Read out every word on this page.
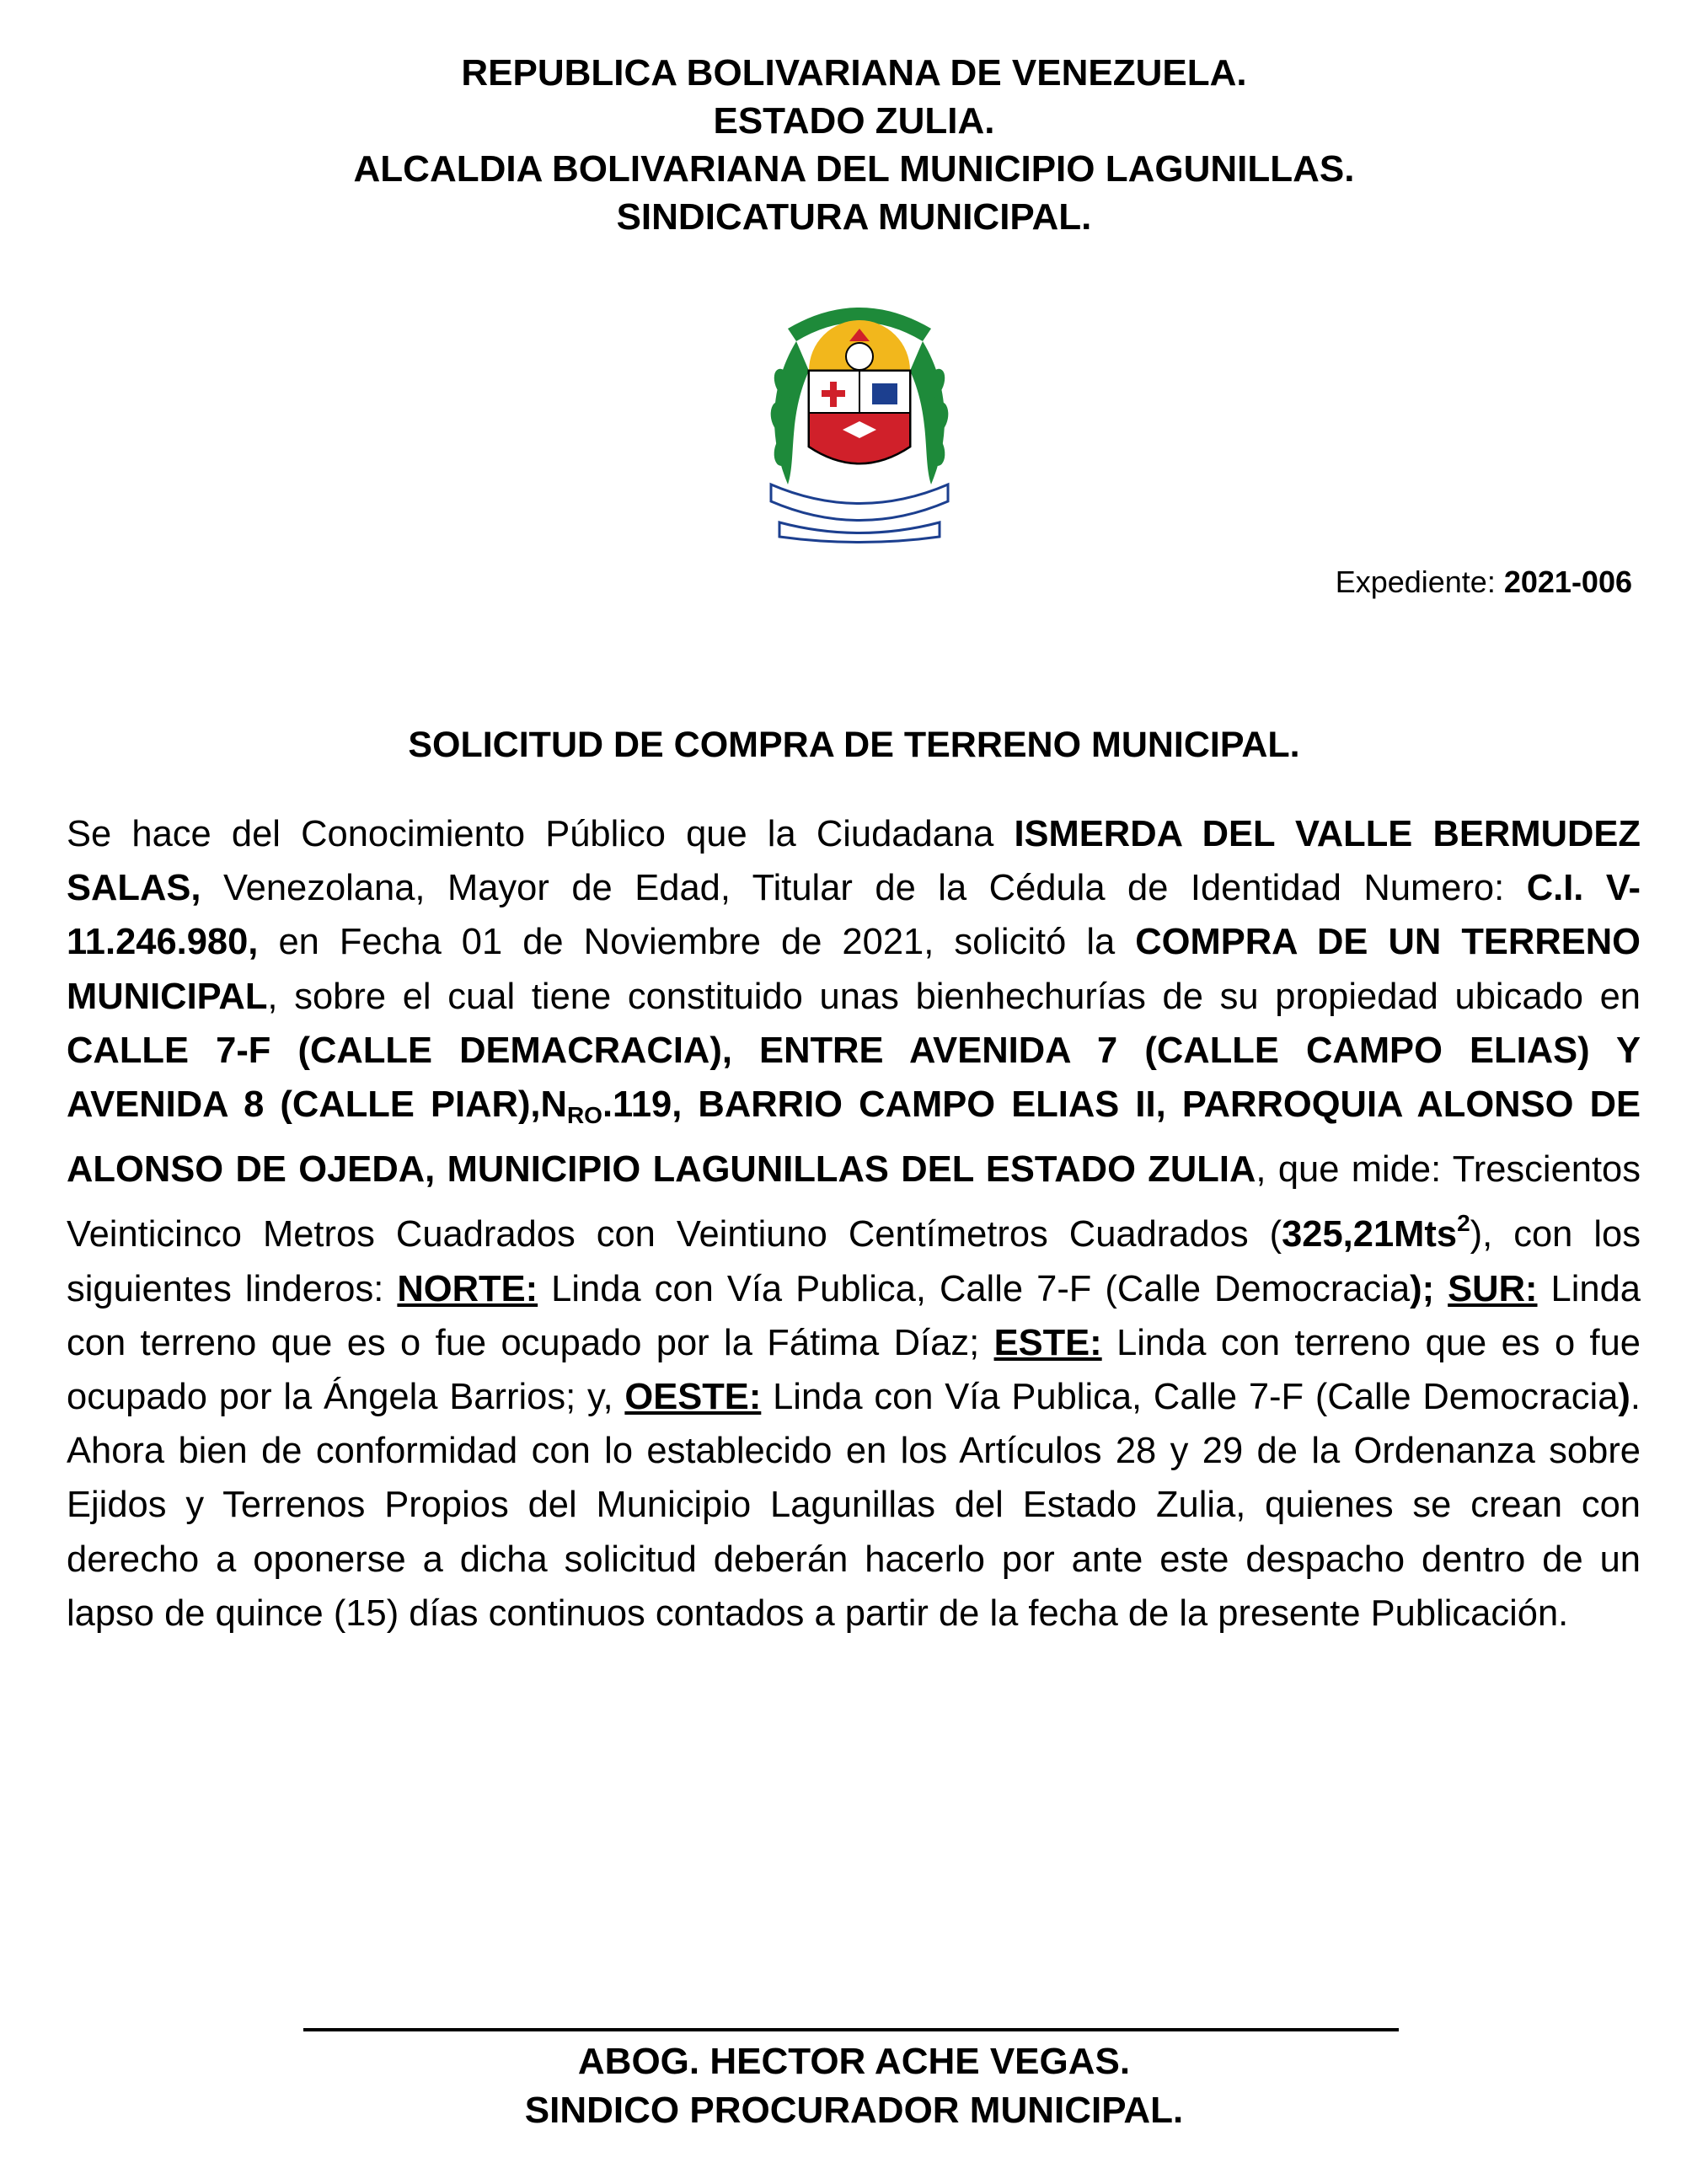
REPUBLICA BOLIVARIANA DE VENEZUELA.
ESTADO ZULIA.
ALCALDIA BOLIVARIANA DEL MUNICIPIO LAGUNILLAS.
SINDICATURA MUNICIPAL.
Expediente: 2021-006
SOLICITUD DE COMPRA DE TERRENO MUNICIPAL.
Se hace del Conocimiento Público que la Ciudadana ISMERDA DEL VALLE BERMUDEZ SALAS, Venezolana, Mayor de Edad, Titular de la Cédula de Identidad Numero: C.I. V-11.246.980, en Fecha 01 de Noviembre de 2021, solicitó la COMPRA DE UN TERRENO MUNICIPAL, sobre el cual tiene constituido unas bienhechurías de su propiedad ubicado en CALLE 7-F (CALLE DEMACRACIA), ENTRE AVENIDA 7 (CALLE CAMPO ELIAS) Y AVENIDA 8 (CALLE $PIAR),N_{RO}.119$, BARRIO CAMPO ELIAS II, PARROQUIA ALONSO DE ALONSO DE OJEDA, MUNICIPIO LAGUNILLAS DEL ESTADO ZULIA, que mide: Trescientos Veinticinco Metros Cuadrados con Veintiuno Centímetros Cuadrados (325,21Mts$^2$), con los siguientes linderos: NORTE: Linda con Vía Publica, Calle 7-F (Calle Democracia); SUR: Linda con terreno que es o fue ocupado por la Fátima Díaz; ESTE: Linda con terreno que es o fue ocupado por la Ángela Barrios; y, OESTE: Linda con Vía Publica, Calle 7-F (Calle Democracia). Ahora bien de conformidad con lo establecido en los Artículos 28 y 29 de la Ordenanza sobre Ejidos y Terrenos Propios del Municipio Lagunillas del Estado Zulia, quienes se crean con derecho a oponerse a dicha solicitud deberán hacerlo por ante este despacho dentro de un lapso de quince (15) días continuos contados a partir de la fecha de la presente Publicación.
ABOG. HECTOR ACHE VEGAS.
SINDICO PROCURADOR MUNICIPAL.
